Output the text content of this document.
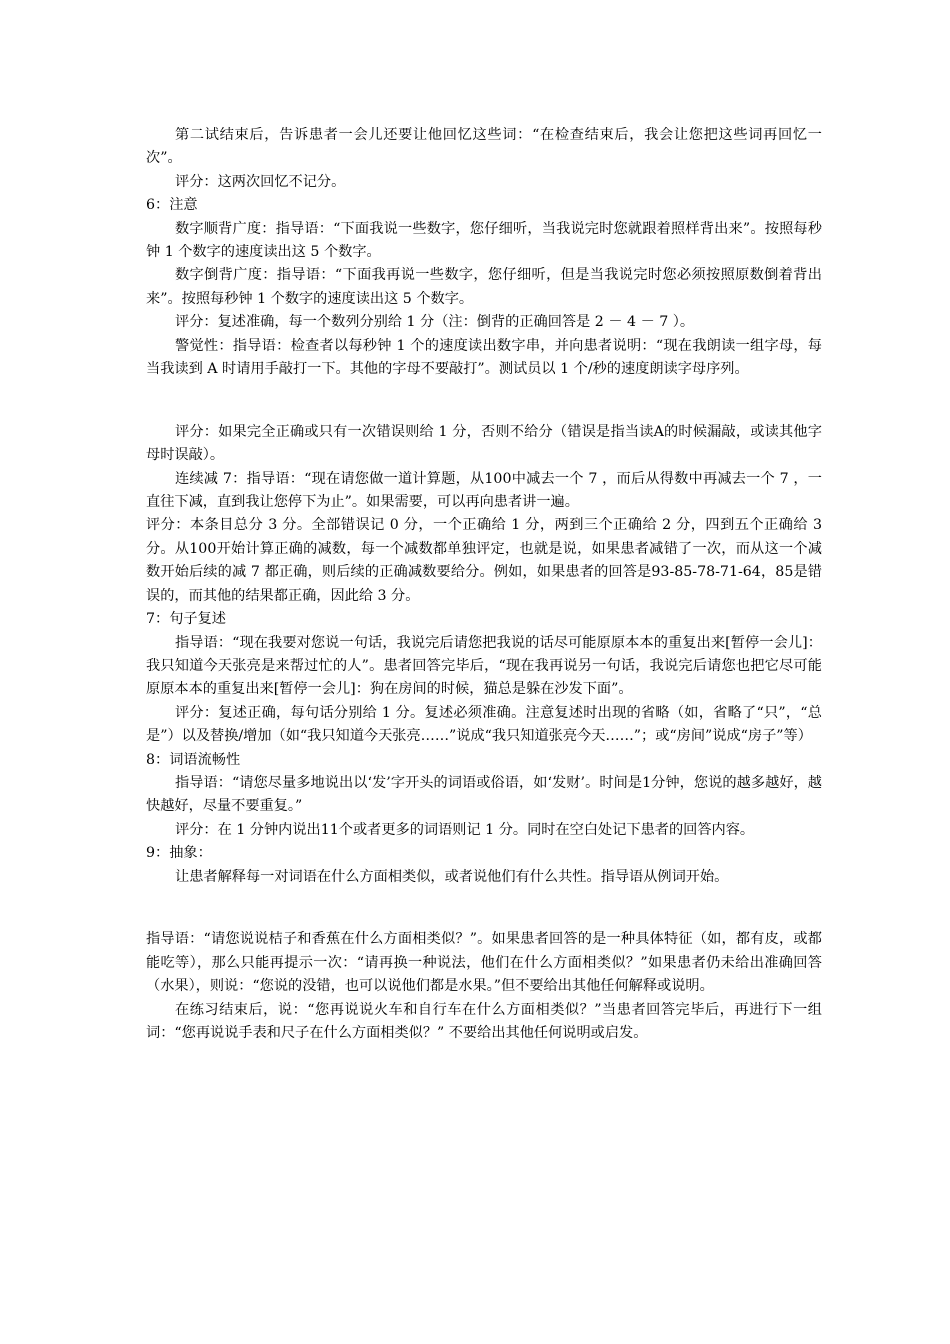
第二试结束后，告诉患者一会儿还要让他回忆这些词：“在检查结束后，我会让您把这些词再回忆一次”。

评分：这两次回忆不记分。

6：注意

数字顺背广度：指导语：“下面我说一些数字，您仔细听，当我说完时您就跟着照样背出来”。按照每秒钟 1 个数字的速度读出这 5 个数字。

数字倒背广度：指导语：“下面我再说一些数字，您仔细听，但是当我说完时您必须按照原数倒着背出来”。按照每秒钟 1 个数字的速度读出这 5 个数字。

评分：复述准确，每一个数列分别给 1 分（注：倒背的正确回答是 2 － 4 － 7 ）。

警觉性：指导语：检查者以每秒钟 1 个的速度读出数字串，并向患者说明：“现在我朗读一组字母，每当我读到 A 时请用手敲打一下。其他的字母不要敲打”。测试员以 1 个/秒的速度朗读字母序列。

评分：如果完全正确或只有一次错误则给 1 分，否则不给分（错误是指当读A的时候漏敲，或读其他字母时误敲）。

连续减 7：指导语：“现在请您做一道计算题，从100中减去一个 7 ，而后从得数中再减去一个 7 ，一直往下减，直到我让您停下为止”。如果需要，可以再向患者讲一遍。

评分：本条目总分 3 分。全部错误记 0 分，一个正确给 1 分，两到三个正确给 2 分，四到五个正确给 3 分。从100开始计算正确的减数，每一个减数都单独评定，也就是说，如果患者减错了一次，而从这一个减数开始后续的减 7 都正确，则后续的正确减数要给分。例如，如果患者的回答是93-85-78-71-64，85是错误的，而其他的结果都正确，因此给 3 分。

7：句子复述

指导语：“现在我要对您说一句话，我说完后请您把我说的话尽可能原原本本的重复出来[暂停一会儿]：我只知道今天张亮是来帮过忙的人”。患者回答完毕后，“现在我再说另一句话，我说完后请您也把它尽可能原原本本的重复出来[暂停一会儿]：狗在房间的时候，猫总是躲在沙发下面”。

评分：复述正确，每句话分别给 1 分。复述必须准确。注意复述时出现的省略（如，省略了“只”，“总是”）以及替换/增加（如“我只知道今天张亮……”说成“我只知道张亮今天……”；或“房间”说成“房子”等）

8：词语流畅性

指导语：“请您尽量多地说出以‘发’字开头的词语或俗语，如‘发财’。时间是1分钟，您说的越多越好，越快越好，尽量不要重复。”

评分：在 1 分钟内说出11个或者更多的词语则记 1 分。同时在空白处记下患者的回答内容。

9：抽象：

让患者解释每一对词语在什么方面相类似，或者说他们有什么共性。指导语从例词开始。

指导语：“请您说说桔子和香蕉在什么方面相类似？”。如果患者回答的是一种具体特征（如，都有皮，或都能吃等），那么只能再提示一次：“请再换一种说法，他们在什么方面相类似？”如果患者仍未给出准确回答（水果），则说：“您说的没错，也可以说他们都是水果。”但不要给出其他任何解释或说明。

在练习结束后，说：“您再说说火车和自行车在什么方面相类似？”当患者回答完毕后，再进行下一组词：“您再说说手表和尺子在什么方面相类似？” 不要给出其他任何说明或启发。
